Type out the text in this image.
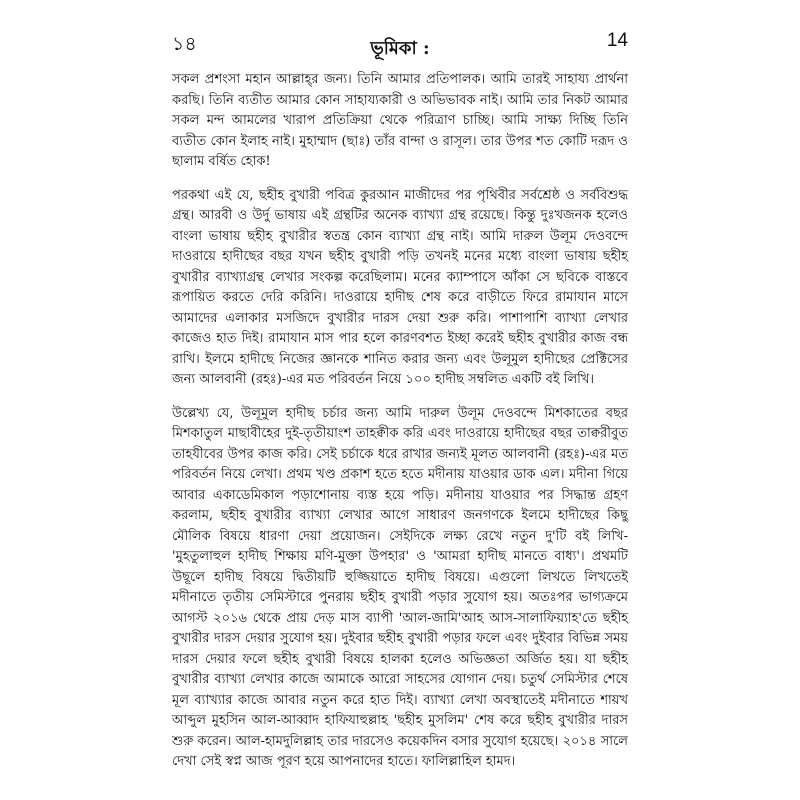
১৪	ভূমিকা :	14

সকল প্রশংসা মহান আল্লাহ্‌র জন্য। তিনি আমার প্রতিপালক। আমি তারই সাহায্য প্রার্থনা করছি। তিনি ব্যতীত আমার কোন সাহায্যকারী ও অভিভাবক নাই। আমি তার নিকট আমার সকল মন্দ আমলের খারাপ প্রতিক্রিয়া থেকে পরিত্রাণ চাচ্ছি। আমি সাক্ষ্য দিচ্ছি তিনি ব্যতীত কোন ইলাহ নাই। মুহাম্মাদ (ছাঃ) তাঁর বান্দা ও রাসূল। তার উপর শত কোটি দরূদ ও ছালাম বর্ষিত হোক!

পরকথা এই যে, ছহীহ বুখারী পবিত্র কুরআন মাজীদের পর পৃথিবীর সর্বশ্রেষ্ঠ ও সর্ববিশুদ্ধ গ্রন্থ। আরবী ও উর্দু ভাষায় এই গ্রন্থটির অনেক ব্যাখ্যা গ্রন্থ রয়েছে। কিন্তু দুঃখজনক হলেও বাংলা ভাষায় ছহীহ বুখারীর স্বতন্ত্র কোন ব্যাখ্যা গ্রন্থ নাই। আমি দারুল উলূম দেওবন্দে দাওরায়ে হাদীছের বছর যখন ছহীহ বুখারী পড়ি তখনই মনের মধ্যে বাংলা ভাষায় ছহীহ বুখারীর ব্যাখ্যাগ্রন্থ লেখার সংকল্প করেছিলাম। মনের ক্যাম্পাসে আঁকা সে ছবিকে বাস্তবে রূপায়িত করতে দেরি করিনি। দাওরায়ে হাদীছ শেষ করে বাড়ীতে ফিরে রামাযান মাসে আমাদের এলাকার মসজিদে বুখারীর দারস দেয়া শুরু করি। পাশাপাশি ব্যাখ্যা লেখার কাজেও হাত দিই। রামাযান মাস পার হলে কারণবশত ইচ্ছা করেই ছহীহ বুখারীর কাজ বন্ধ রাখি। ইলমে হাদীছে নিজের জ্ঞানকে শানিত করার জন্য এবং উলূমুল হাদীছের প্রেক্টিসের জন্য আলবানী (রহঃ)-এর মত পরিবর্তন নিয়ে ১০০ হাদীছ সম্বলিত একটি বই লিখি।

উল্লেখ্য যে, উলূমুল হাদীছ চর্চার জন্য আমি দারুল উলূম দেওবন্দে মিশকাতের বছর মিশকাতুল মাছাবীহের দুই-তৃতীয়াংশ তাহক্বীক করি এবং দাওরায়ে হাদীছের বছর তাক্বরীবুত তাহযীবের উপর কাজ করি। সেই চর্চাকে ধরে রাখার জন্যই মূলত আলবানী (রহঃ)-এর মত পরিবর্তন নিয়ে লেখা। প্রথম খণ্ড প্রকাশ হতে হতে মদীনায় যাওয়ার ডাক এল। মদীনা গিয়ে আবার একাডেমিকাল পড়াশোনায় ব্যস্ত হয়ে পড়ি। মদীনায় যাওয়ার পর সিদ্ধান্ত গ্রহণ করলাম, ছহীহ বুখারীর ব্যাখ্যা লেখার আগে সাধারণ জনগণকে ইলমে হাদীছের কিছু মৌলিক বিষয়ে ধারণা দেয়া প্রয়োজন। সেইদিকে লক্ষ্য রেখে নতুন দু'টি বই লিখি- 'মুহতুলাহুল হাদীছ শিক্ষায় মণি-মুক্তা উপহার' ও 'আমরা হাদীছ মানতে বাধ্য'। প্রথমটি উছূলে হাদীছ বিষয়ে দ্বিতীয়টি হুজ্জিয়াতে হাদীছ বিষয়ে। এগুলো লিখতে লিখতেই মদীনাতে তৃতীয় সেমিস্টারে পুনরায় ছহীহ বুখারী পড়ার সুযোগ হয়। অতঃপর ভাগ্যক্রমে আগস্ট ২০১৬ থেকে প্রায় দেড় মাস ব্যাপী 'আল-জামি'আহ আস-সালাফিয়্যাহ'তে ছহীহ বুখারীর দারস দেয়ার সুযোগ হয়। দুইবার ছহীহ বুখারী পড়ার ফলে এবং দুইবার বিভিন্ন সময় দারস দেয়ার ফলে ছহীহ বুখারী বিষয়ে হালকা হলেও অভিজ্ঞতা অর্জিত হয়। যা ছহীহ বুখারীর ব্যাখ্যা লেখার কাজে আমাকে আরো সাহসের যোগান দেয়। চতুর্থ সেমিস্টার শেষে মূল ব্যাখ্যার কাজে আবার নতুন করে হাত দিই। ব্যাখ্যা লেখা অবস্থাতেই মদীনাতে শায়খ আব্দুল মুহসিন আল-আব্বাদ হাফিযাহুল্লাহ 'ছহীহ মুসলিম' শেষ করে ছহীহ বুখারীর দারস শুরু করেন। আল-হামদুলিল্লাহ তার দারসেও কয়েকদিন বসার সুযোগ হয়েছে। ২০১৪ সালে দেখা সেই স্বপ্ন আজ পূরণ হয়ে আপনাদের হাতে। ফালিল্লাহিল হামদ।
